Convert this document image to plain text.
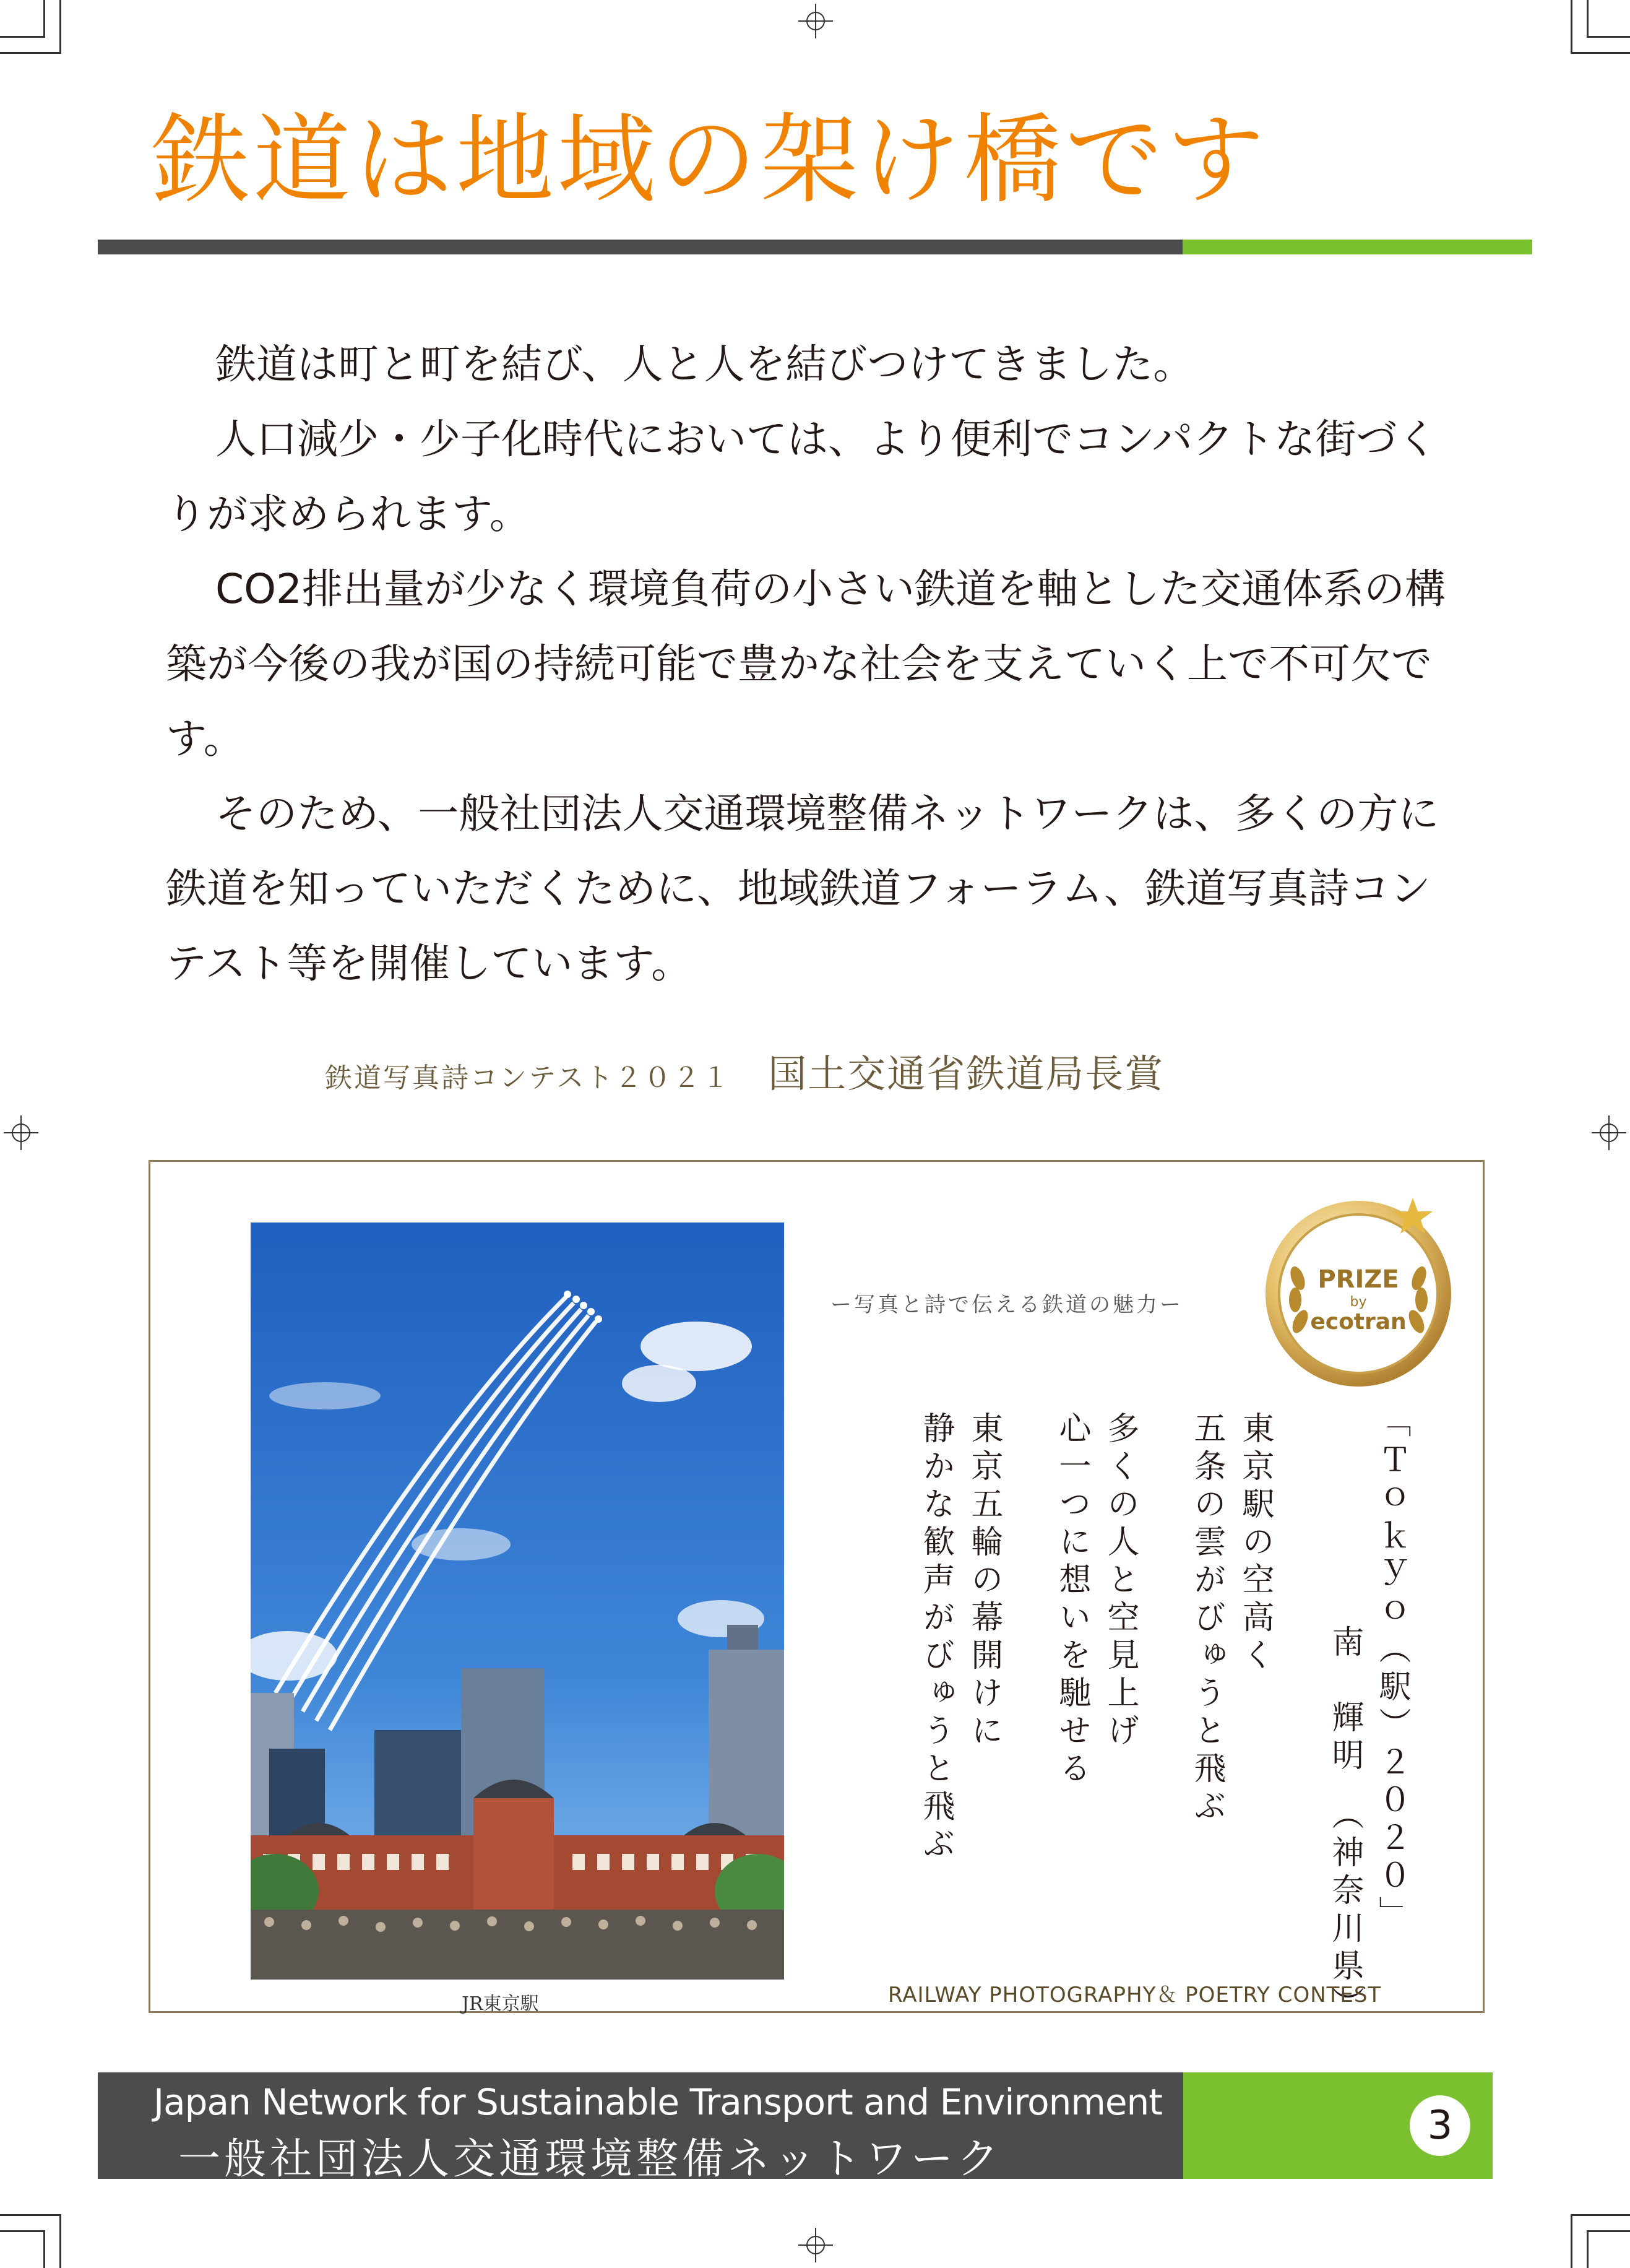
鉄道は地域の架け橋です

鉄道は町と町を結び、人と人を結びつけてきました。

人口減少・少子化時代においては、より便利でコンパクトな街づくりが求められます。

CO2排出量が少なく環境負荷の小さい鉄道を軸とした交通体系の構築が今後の我が国の持続可能で豊かな社会を支えていく上で不可欠です。

そのため、一般社団法人交通環境整備ネットワークは、多くの方に鉄道を知っていただくために、地域鉄道フォーラム、鉄道写真詩コンテスト等を開催しています。

鉄道写真詩コンテスト２０２１ 国土交通省鉄道局長賞
JR東京駅
ー写真と詩で伝える鉄道の魅力ー
PRIZE
by
ecotran
「Ｔｏｋｙｏ（駅）２０２０」
南　輝明　（神奈川県）
東京駅の空高く
五条の雲がびゅうと飛ぶ
多くの人と空見上げ
心一つに想いを馳せる
東京五輪の幕開けに
静かな歓声がびゅうと飛ぶ
RAILWAY PHOTOGRAPHY＆ POETRY CONTEST
Japan Network for Sustainable Transport and Environment
一般社団法人交通環境整備ネットワーク
3
